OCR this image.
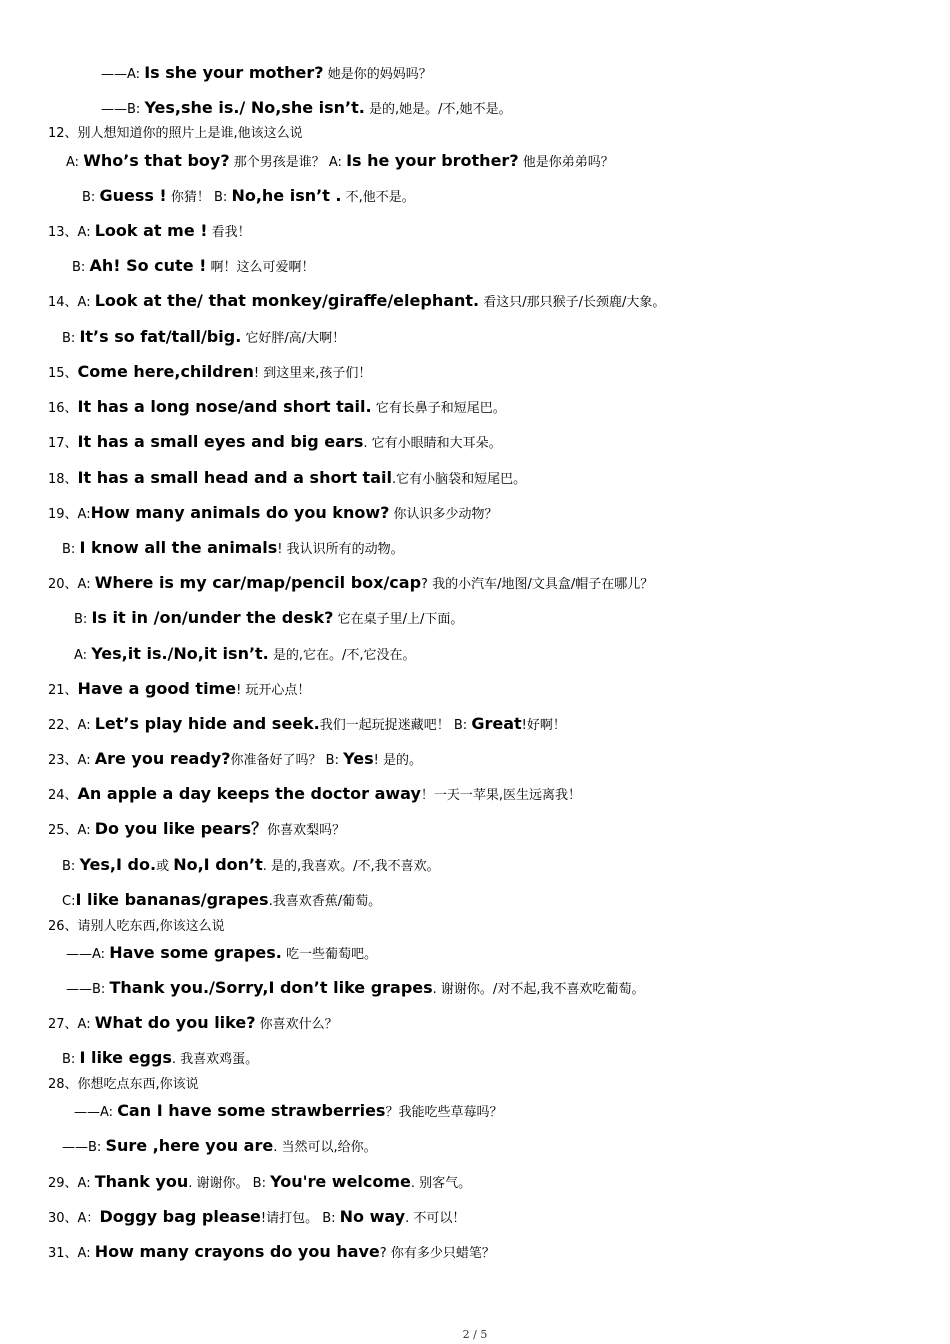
——A: Is she your mother? 她是你的妈妈吗？
——B: Yes,she is./ No,she isn’t. 是的,她是。/不,她不是。
12、别人想知道你的照片上是谁,他该这么说
A: Who’s that boy? 那个男孩是谁？ A: Is he your brother? 他是你弟弟吗？
B: Guess ! 你猜！ B: No,he isn’t . 不,他不是。
13、A: Look at me ! 看我！
B: Ah! So cute ! 啊！这么可爱啊！
14、A: Look at the/ that monkey/giraffe/elephant. 看这只/那只猴子/长颈鹿/大象。
B: It’s so fat/tall/big. 它好胖/高/大啊！
15、Come here,children! 到这里来,孩子们！
16、It has a long nose/and short tail. 它有长鼻子和短尾巴。
17、It has a small eyes and big ears. 它有小眼睛和大耳朵。
18、It has a small head and a short tail.它有小脑袋和短尾巴。
19、A:How many animals do you know? 你认识多少动物？
B: I know all the animals! 我认识所有的动物。
20、A: Where is my car/map/pencil box/cap? 我的小汽车/地图/文具盒/帽子在哪儿？
B: Is it in /on/under the desk? 它在桌子里/上/下面。
A: Yes,it is./No,it isn’t. 是的,它在。/不,它没在。
21、Have a good time! 玩开心点！
22、A: Let’s play hide and seek.我们一起玩捉迷藏吧！ B: Great!好啊！
23、A: Are you ready?你准备好了吗？ B: Yes! 是的。
24、An apple a day keeps the doctor away！一天一苹果,医生远离我！
25、A: Do you like pears？你喜欢梨吗？
B: Yes,I do.或 No,I don’t. 是的,我喜欢。/不,我不喜欢。
C:I like bananas/grapes.我喜欢香蕉/葡萄。
26、请别人吃东西,你该这么说
——A: Have some grapes. 吃一些葡萄吧。
——B: Thank you./Sorry,I don’t like grapes. 谢谢你。/对不起,我不喜欢吃葡萄。
27、A: What do you like? 你喜欢什么？
B: I like eggs. 我喜欢鸡蛋。
28、你想吃点东西,你该说
——A: Can I have some strawberries？我能吃些草莓吗？
——B: Sure ,here you are. 当然可以,给你。
29、A: Thank you. 谢谢你。 B: You're welcome. 别客气。
30、A：Doggy bag please!请打包。 B: No way. 不可以！
31、A: How many crayons do you have? 你有多少只蜡笔？
2 / 5
